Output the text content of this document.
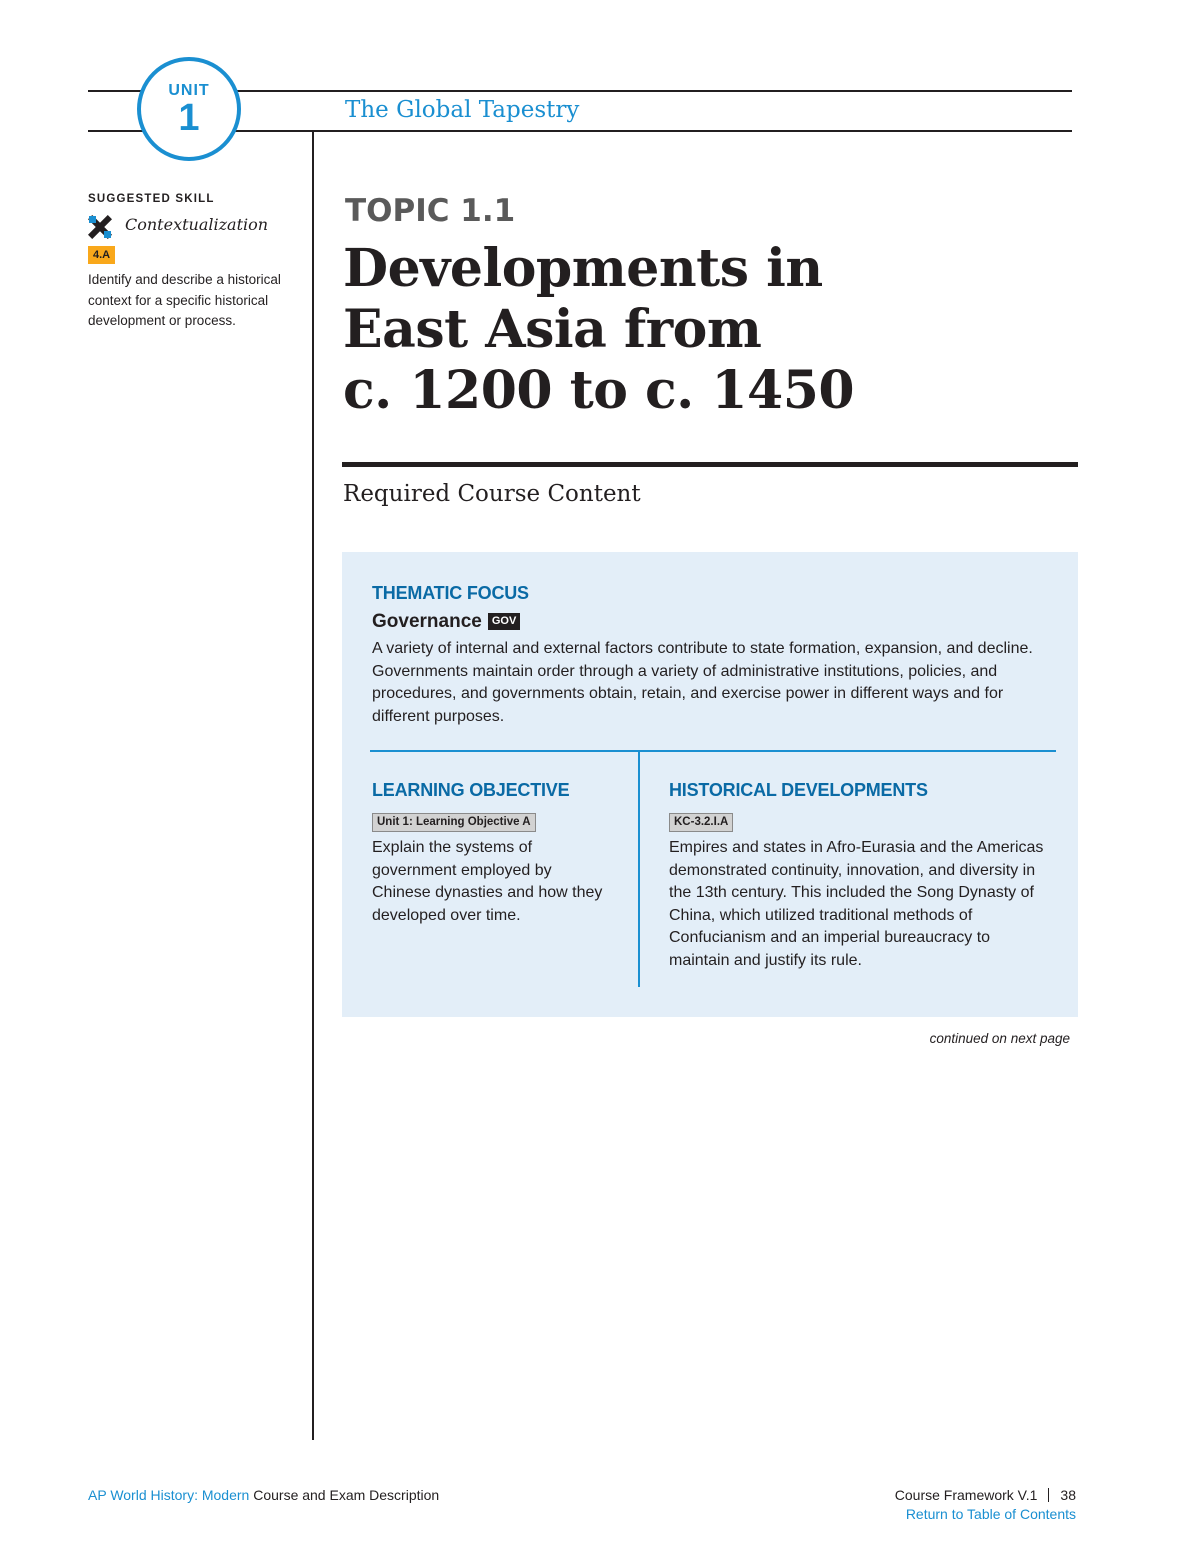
UNIT
1	The Global Tapestry
SUGGESTED SKILL
Contextualization
4.A
Identify and describe a historical context for a specific historical development or process.
TOPIC 1.1
Developments in
East Asia from
c. 1200 to c. 1450
Required Course Content
THEMATIC FOCUS
Governance GOV
A variety of internal and external factors contribute to state formation, expansion, and decline. Governments maintain order through a variety of administrative institutions, policies, and procedures, and governments obtain, retain, and exercise power in different ways and for different purposes.
LEARNING OBJECTIVE
Unit 1: Learning Objective A
Explain the systems of government employed by Chinese dynasties and how they developed over time.
HISTORICAL DEVELOPMENTS
KC-3.2.I.A
Empires and states in Afro-Eurasia and the Americas demonstrated continuity, innovation, and diversity in the 13th century. This included the Song Dynasty of China, which utilized traditional methods of Confucianism and an imperial bureaucracy to maintain and justify its rule.
continued on next page
AP World History: Modern Course and Exam Description	Course Framework V.1 38
Return to Table of Contents
